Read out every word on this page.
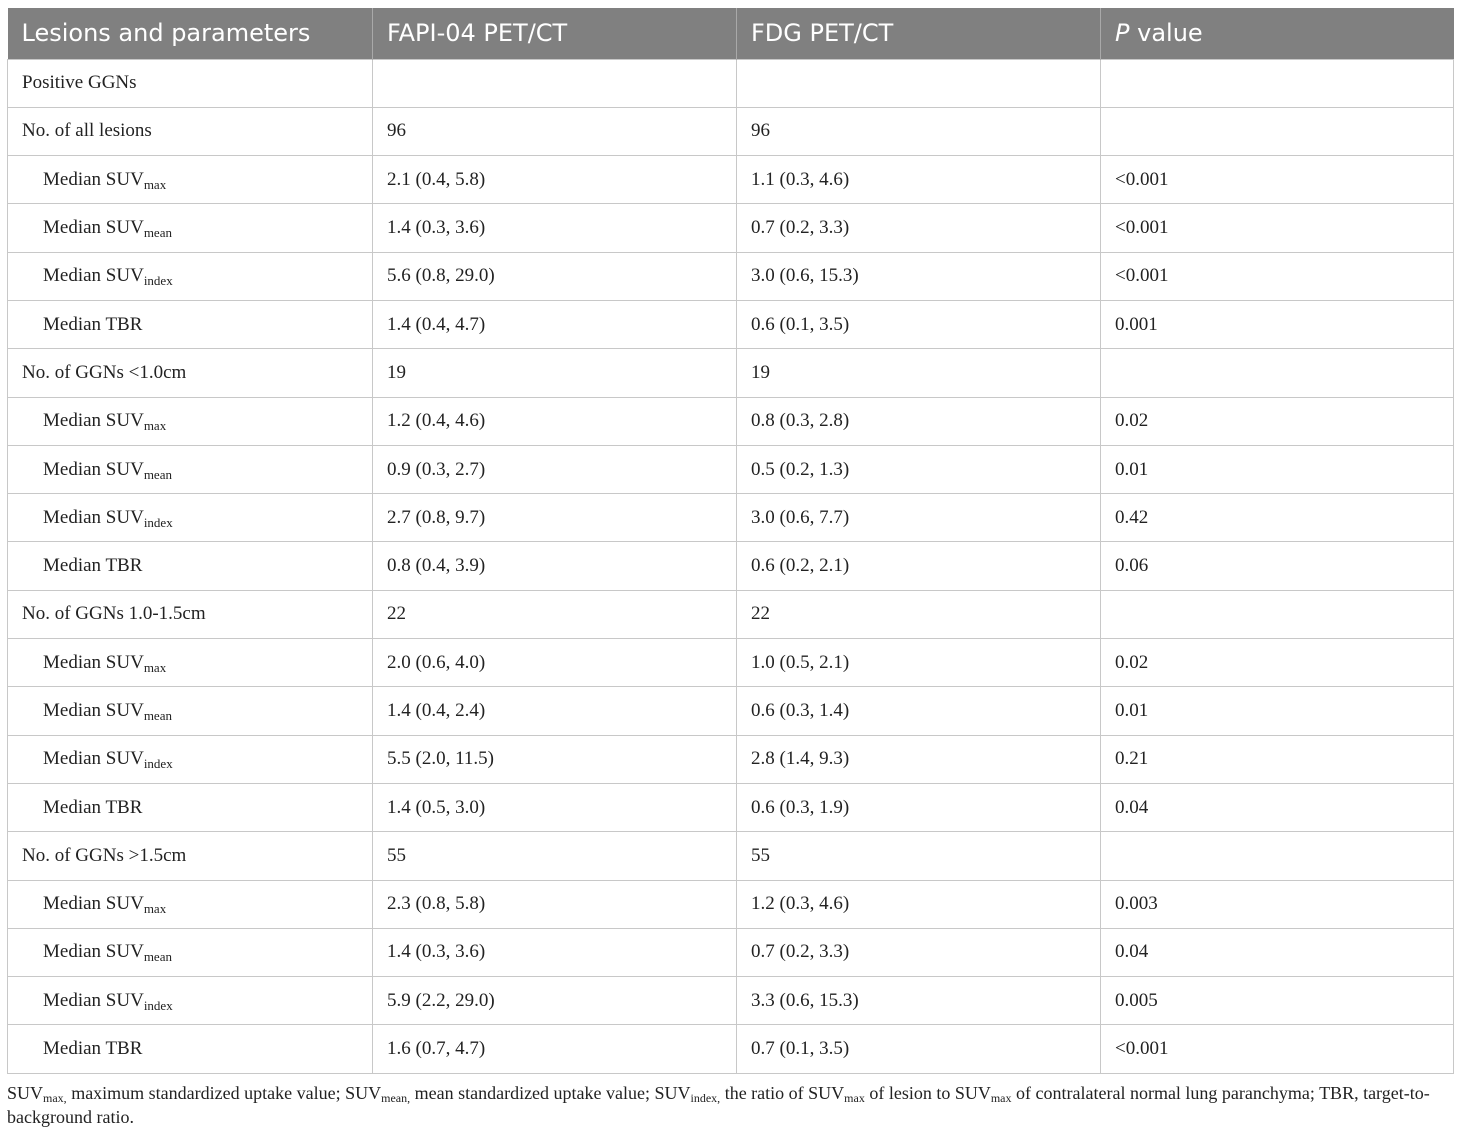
Lesions and parameters	FAPI-04 PET/CT	FDG PET/CT	P value
Positive GGNs			
No. of all lesions	96	96	
Median $SUV_{max}$	2.1 (0.4, 5.8)	1.1 (0.3, 4.6)	<0.001
Median $SUV_{mean}$	1.4 (0.3, 3.6)	0.7 (0.2, 3.3)	<0.001
Median $SUV_{index}$	5.6 (0.8, 29.0)	3.0 (0.6, 15.3)	<0.001
Median TBR	1.4 (0.4, 4.7)	0.6 (0.1, 3.5)	0.001
No. of GGNs <1.0cm	19	19	
Median $SUV_{max}$	1.2 (0.4, 4.6)	0.8 (0.3, 2.8)	0.02
Median $SUV_{mean}$	0.9 (0.3, 2.7)	0.5 (0.2, 1.3)	0.01
Median $SUV_{index}$	2.7 (0.8, 9.7)	3.0 (0.6, 7.7)	0.42
Median TBR	0.8 (0.4, 3.9)	0.6 (0.2, 2.1)	0.06
No. of GGNs 1.0-1.5cm	22	22	
Median $SUV_{max}$	2.0 (0.6, 4.0)	1.0 (0.5, 2.1)	0.02
Median $SUV_{mean}$	1.4 (0.4, 2.4)	0.6 (0.3, 1.4)	0.01
Median $SUV_{index}$	5.5 (2.0, 11.5)	2.8 (1.4, 9.3)	0.21
Median TBR	1.4 (0.5, 3.0)	0.6 (0.3, 1.9)	0.04
No. of GGNs >1.5cm	55	55	
Median $SUV_{max}$	2.3 (0.8, 5.8)	1.2 (0.3, 4.6)	0.003
Median $SUV_{mean}$	1.4 (0.3, 3.6)	0.7 (0.2, 3.3)	0.04
Median $SUV_{index}$	5.9 (2.2, 29.0)	3.3 (0.6, 15.3)	0.005
Median TBR	1.6 (0.7, 4.7)	0.7 (0.1, 3.5)	<0.001
$SUV_{max,}$ maximum standardized uptake value; $SUV_{mean,}$ mean standardized uptake value; $SUV_{index,}$ the ratio of $SUV_{max}$ of lesion to $SUV_{max}$ of contralateral normal lung paranchyma; TBR, target-to-background ratio.
